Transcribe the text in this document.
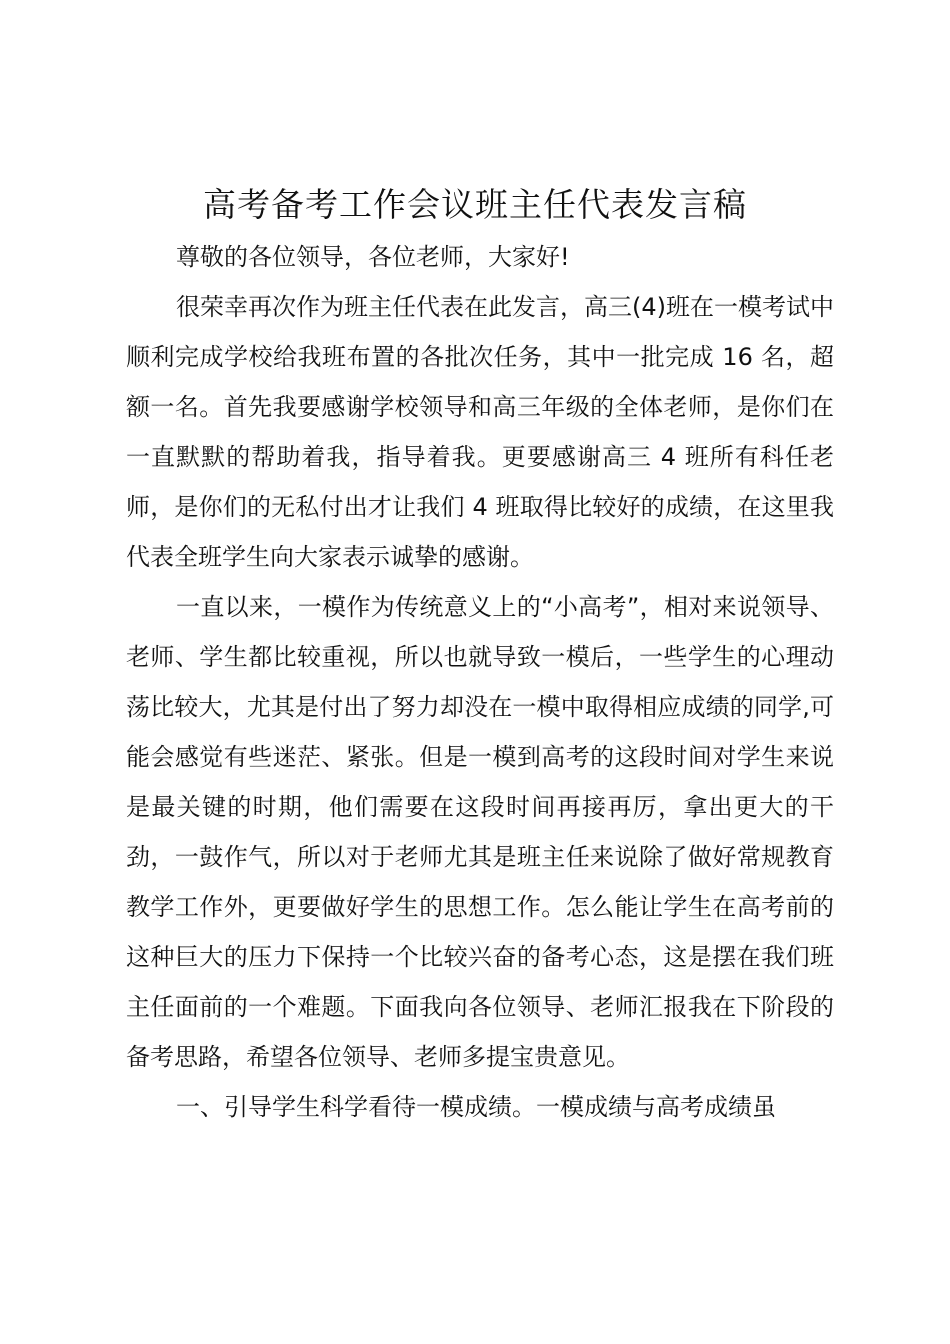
高考备考工作会议班主任代表发言稿

尊敬的各位领导，各位老师，大家好!

很荣幸再次作为班主任代表在此发言，高三(4)班在一模考试中顺利完成学校给我班布置的各批次任务，其中一批完成 16 名，超额一名。首先我要感谢学校领导和高三年级的全体老师，是你们在一直默默的帮助着我，指导着我。更要感谢高三 4 班所有科任老师，是你们的无私付出才让我们 4 班取得比较好的成绩，在这里我代表全班学生向大家表示诚挚的感谢。

一直以来，一模作为传统意义上的“小高考”，相对来说领导、老师、学生都比较重视，所以也就导致一模后，一些学生的心理动荡比较大，尤其是付出了努力却没在一模中取得相应成绩的同学,可能会感觉有些迷茫、紧张。但是一模到高考的这段时间对学生来说是最关键的时期，他们需要在这段时间再接再厉，拿出更大的干劲，一鼓作气，所以对于老师尤其是班主任来说除了做好常规教育教学工作外，更要做好学生的思想工作。怎么能让学生在高考前的这种巨大的压力下保持一个比较兴奋的备考心态，这是摆在我们班主任面前的一个难题。下面我向各位领导、老师汇报我在下阶段的备考思路，希望各位领导、老师多提宝贵意见。

一、引导学生科学看待一模成绩。一模成绩与高考成绩虽
